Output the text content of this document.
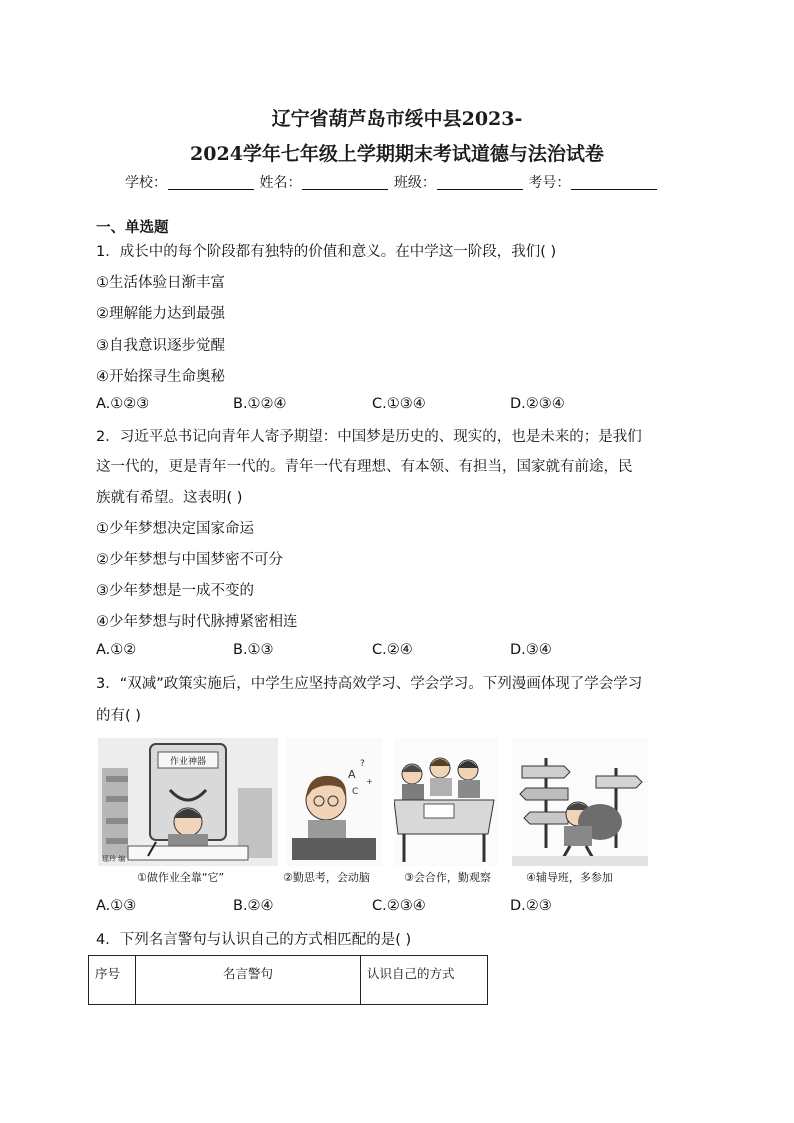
辽宁省葫芦岛市绥中县2023-
2024学年七年级上学期期末考试道德与法治试卷
学校：	姓名：	班级：	考号：
一、单选题
1．成长中的每个阶段都有独特的价值和意义。在中学这一阶段，我们( )
①生活体验日渐丰富
②理解能力达到最强
③自我意识逐步觉醒
④开始探寻生命奥秘
A.①②③	B.①②④	C.①③④	D.②③④
2．习近平总书记向青年人寄予期望：中国梦是历史的、现实的，也是未来的；是我们
这一代的，更是青年一代的。青年一代有理想、有本领、有担当，国家就有前途，民
族就有希望。这表明( )
①少年梦想决定国家命运
②少年梦想与中国梦密不可分
③少年梦想是一成不变的
④少年梦想与时代脉搏紧密相连
A.①②	B.①③	C.②④	D.③④
3．“双减”政策实施后，中学生应坚持高效学习、学会学习。下列漫画体现了学会学习
的有( )
作业神器
瑶玲 编
A
?
C
+
①做作业全靠“它”	②勤思考，会动脑	③会合作，勤观察	④辅导班，多参加
A.①③	B.②④	C.②③④	D.②③
4．下列名言警句与认识自己的方式相匹配的是( )
序号	名言警句	认识自己的方式
